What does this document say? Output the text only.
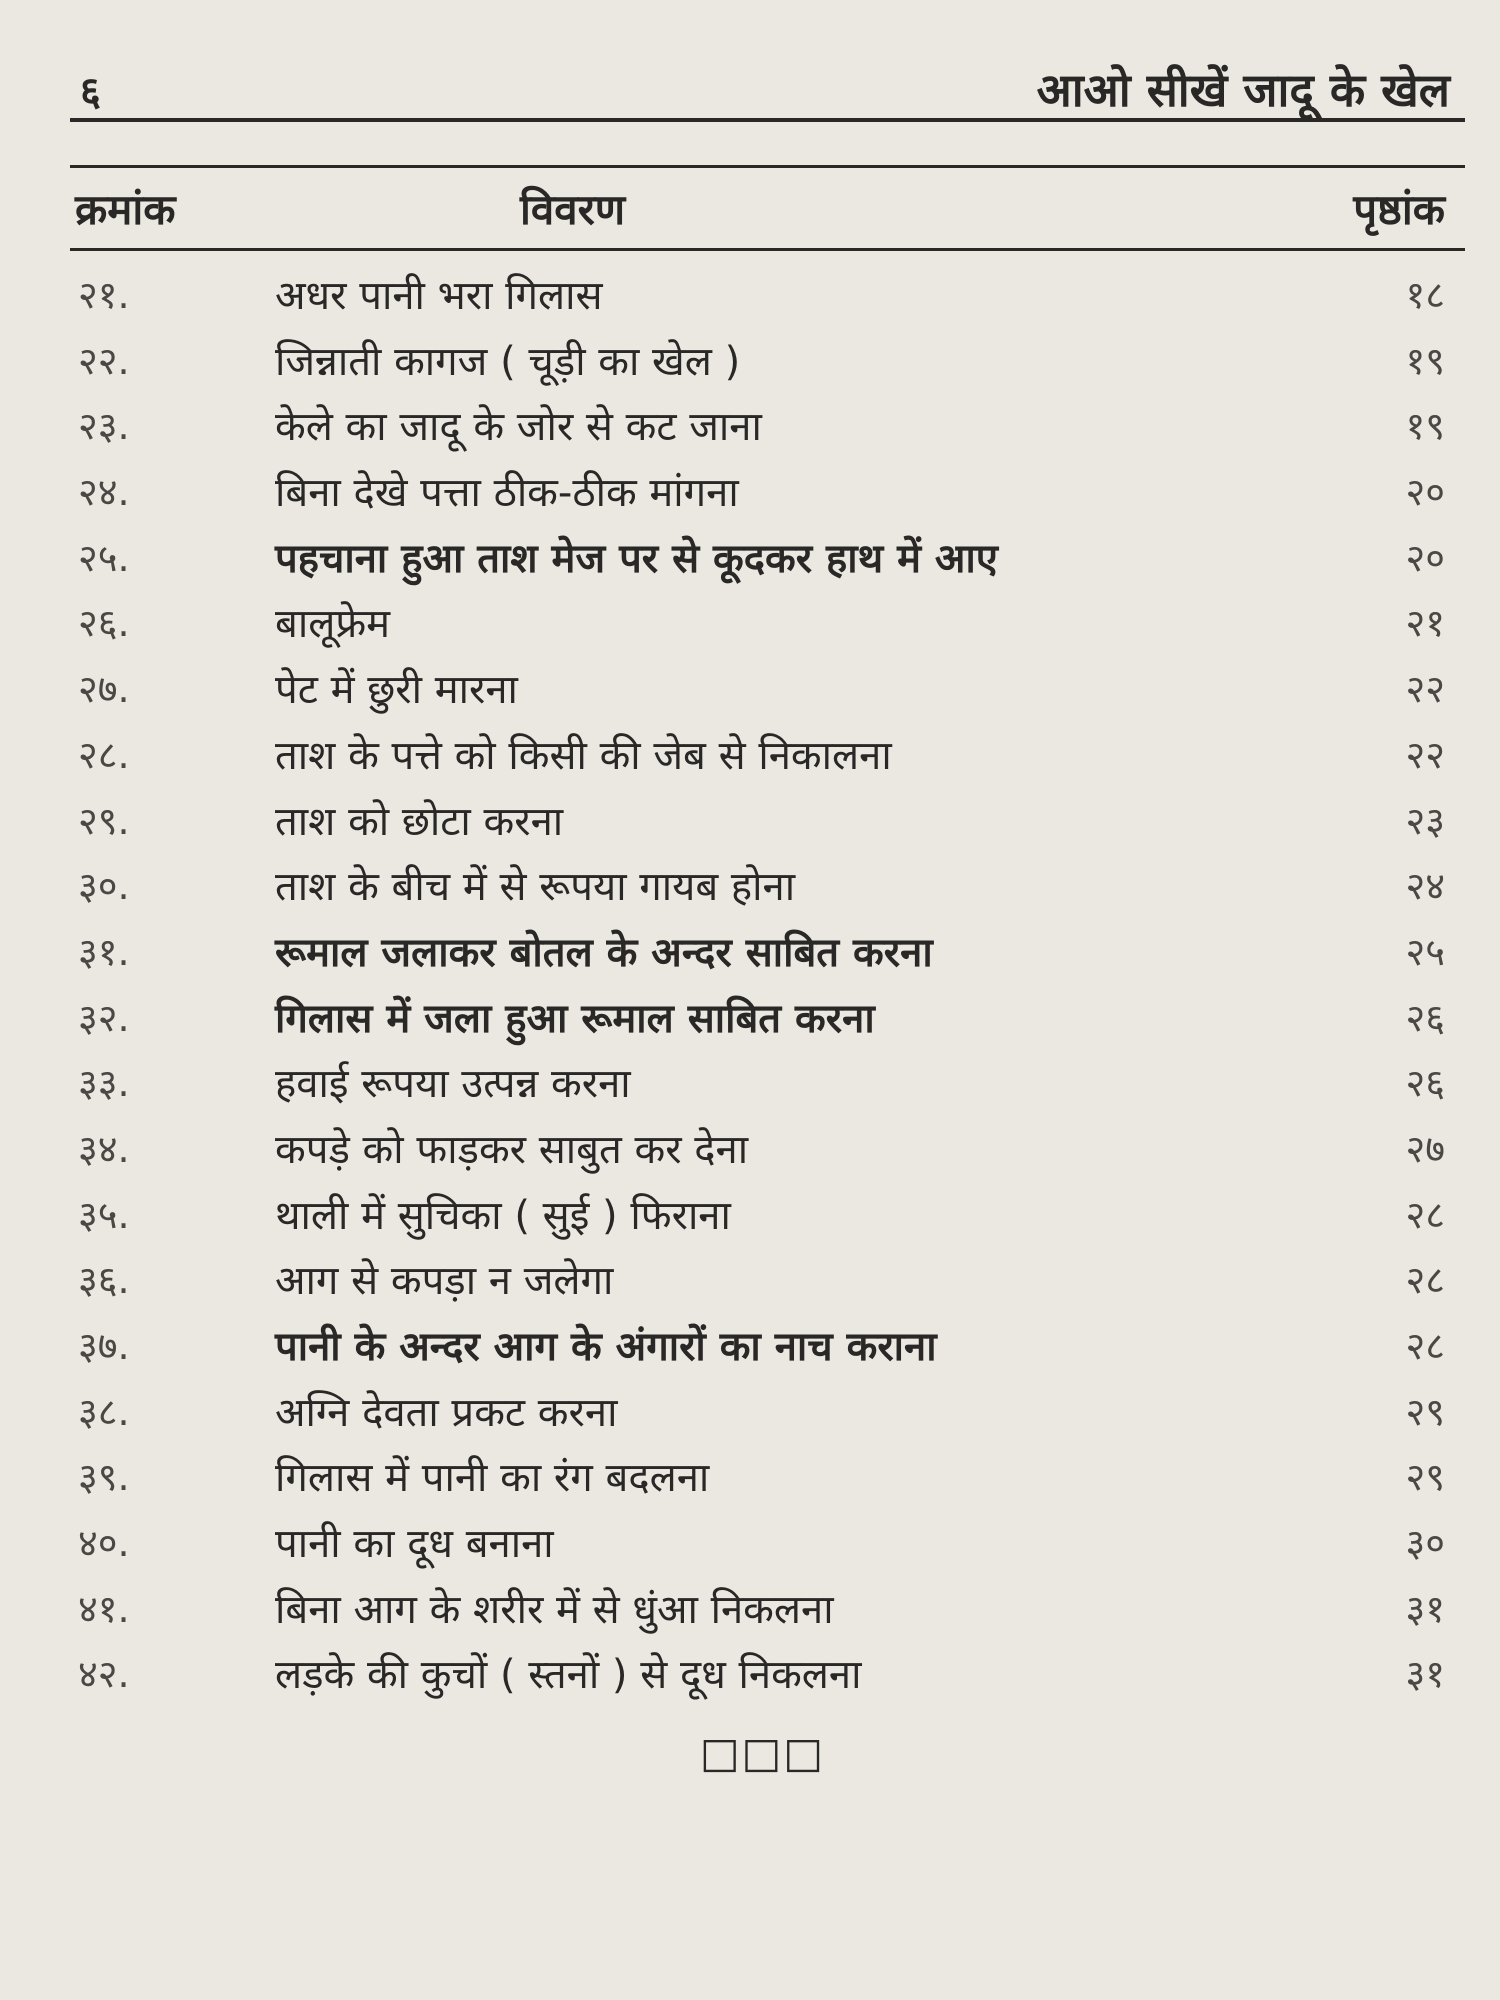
६	आओ सीखें जादू के खेल
क्रमांक	विवरण	पृष्ठांक
२१.	अधर पानी भरा गिलास	१८
२२.	जिन्नाती कागज ( चूड़ी का खेल )	१९
२३.	केले का जादू के जोर से कट जाना	१९
२४.	बिना देखे पत्ता ठीक-ठीक मांगना	२०
२५.	पहचाना हुआ ताश मेज पर से कूदकर हाथ में आए	२०
२६.	बालूफ्रेम	२१
२७.	पेट में छुरी मारना	२२
२८.	ताश के पत्ते को किसी की जेब से निकालना	२२
२९.	ताश को छोटा करना	२३
३०.	ताश के बीच में से रूपया गायब होना	२४
३१.	रूमाल जलाकर बोतल के अन्दर साबित करना	२५
३२.	गिलास में जला हुआ रूमाल साबित करना	२६
३३.	हवाई रूपया उत्पन्न करना	२६
३४.	कपड़े को फाड़कर साबुत कर देना	२७
३५.	थाली में सुचिका ( सुई ) फिराना	२८
३६.	आग से कपड़ा न जलेगा	२८
३७.	पानी के अन्दर आग के अंगारों का नाच कराना	२८
३८.	अग्नि देवता प्रकट करना	२९
३९.	गिलास में पानी का रंग बदलना	२९
४०.	पानी का दूध बनाना	३०
४१.	बिना आग के शरीर में से धुंआ निकलना	३१
४२.	लड़के की कुचों ( स्तनों ) से दूध निकलना	३१
□□□
